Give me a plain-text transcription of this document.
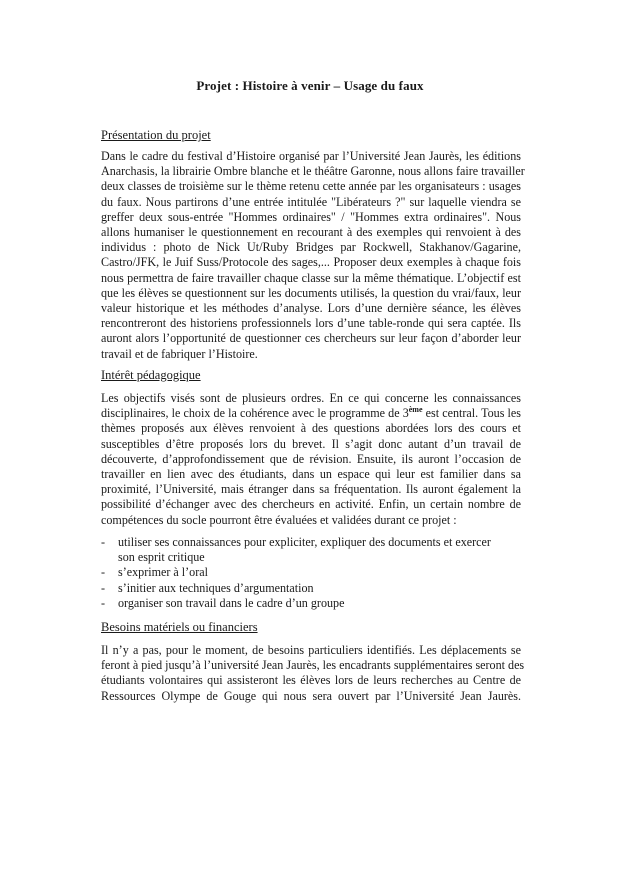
Projet : Histoire à venir – Usage du faux
Présentation du projet
Dans le cadre du festival d’Histoire organisé par l’Université Jean Jaurès, les éditions
Anarchasis, la librairie Ombre blanche et le théâtre Garonne, nous allons faire travailler
deux classes de troisième sur le thème retenu cette année par les organisateurs : usages
du faux. Nous partirons d’une entrée intitulée "Libérateurs ?" sur laquelle viendra se
greffer deux sous-entrée "Hommes ordinaires" / "Hommes extra ordinaires". Nous
allons humaniser le questionnement en recourant à des exemples qui renvoient à des
individus : photo de Nick Ut/Ruby Bridges par Rockwell, Stakhanov/Gagarine,
Castro/JFK, le Juif Suss/Protocole des sages,... Proposer deux exemples à chaque fois
nous permettra de faire travailler chaque classe sur la même thématique. L’objectif est
que les élèves se questionnent sur les documents utilisés, la question du vrai/faux, leur
valeur historique et les méthodes d’analyse. Lors d’une dernière séance, les élèves
rencontreront des historiens professionnels lors d’une table-ronde qui sera captée. Ils
auront alors l’opportunité de questionner ces chercheurs sur leur façon d’aborder leur
travail et de fabriquer l’Histoire.
Intérêt pédagogique
Les objectifs visés sont de plusieurs ordres. En ce qui concerne les connaissances
disciplinaires, le choix de la cohérence avec le programme de 3ème est central. Tous les
thèmes proposés aux élèves renvoient à des questions abordées lors des cours et
susceptibles d’être proposés lors du brevet. Il s’agit donc autant d’un travail de
découverte, d’approfondissement que de révision. Ensuite, ils auront l’occasion de
travailler en lien avec des étudiants, dans un espace qui leur est familier dans sa
proximité, l’Université, mais étranger dans sa fréquentation. Ils auront également la
possibilité d’échanger avec des chercheurs en activité. Enfin, un certain nombre de
compétences du socle pourront être évaluées et validées durant ce projet :
- utiliser ses connaissances pour expliciter, expliquer des documents et exercer
son esprit critique
- s’exprimer à l’oral
- s’initier aux techniques d’argumentation
- organiser son travail dans le cadre d’un groupe
Besoins matériels ou financiers
Il n’y a pas, pour le moment, de besoins particuliers identifiés. Les déplacements se
feront à pied jusqu’à l’université Jean Jaurès, les encadrants supplémentaires seront des
étudiants volontaires qui assisteront les élèves lors de leurs recherches au Centre de
Ressources Olympe de Gouge qui nous sera ouvert par l’Université Jean Jaurès.
